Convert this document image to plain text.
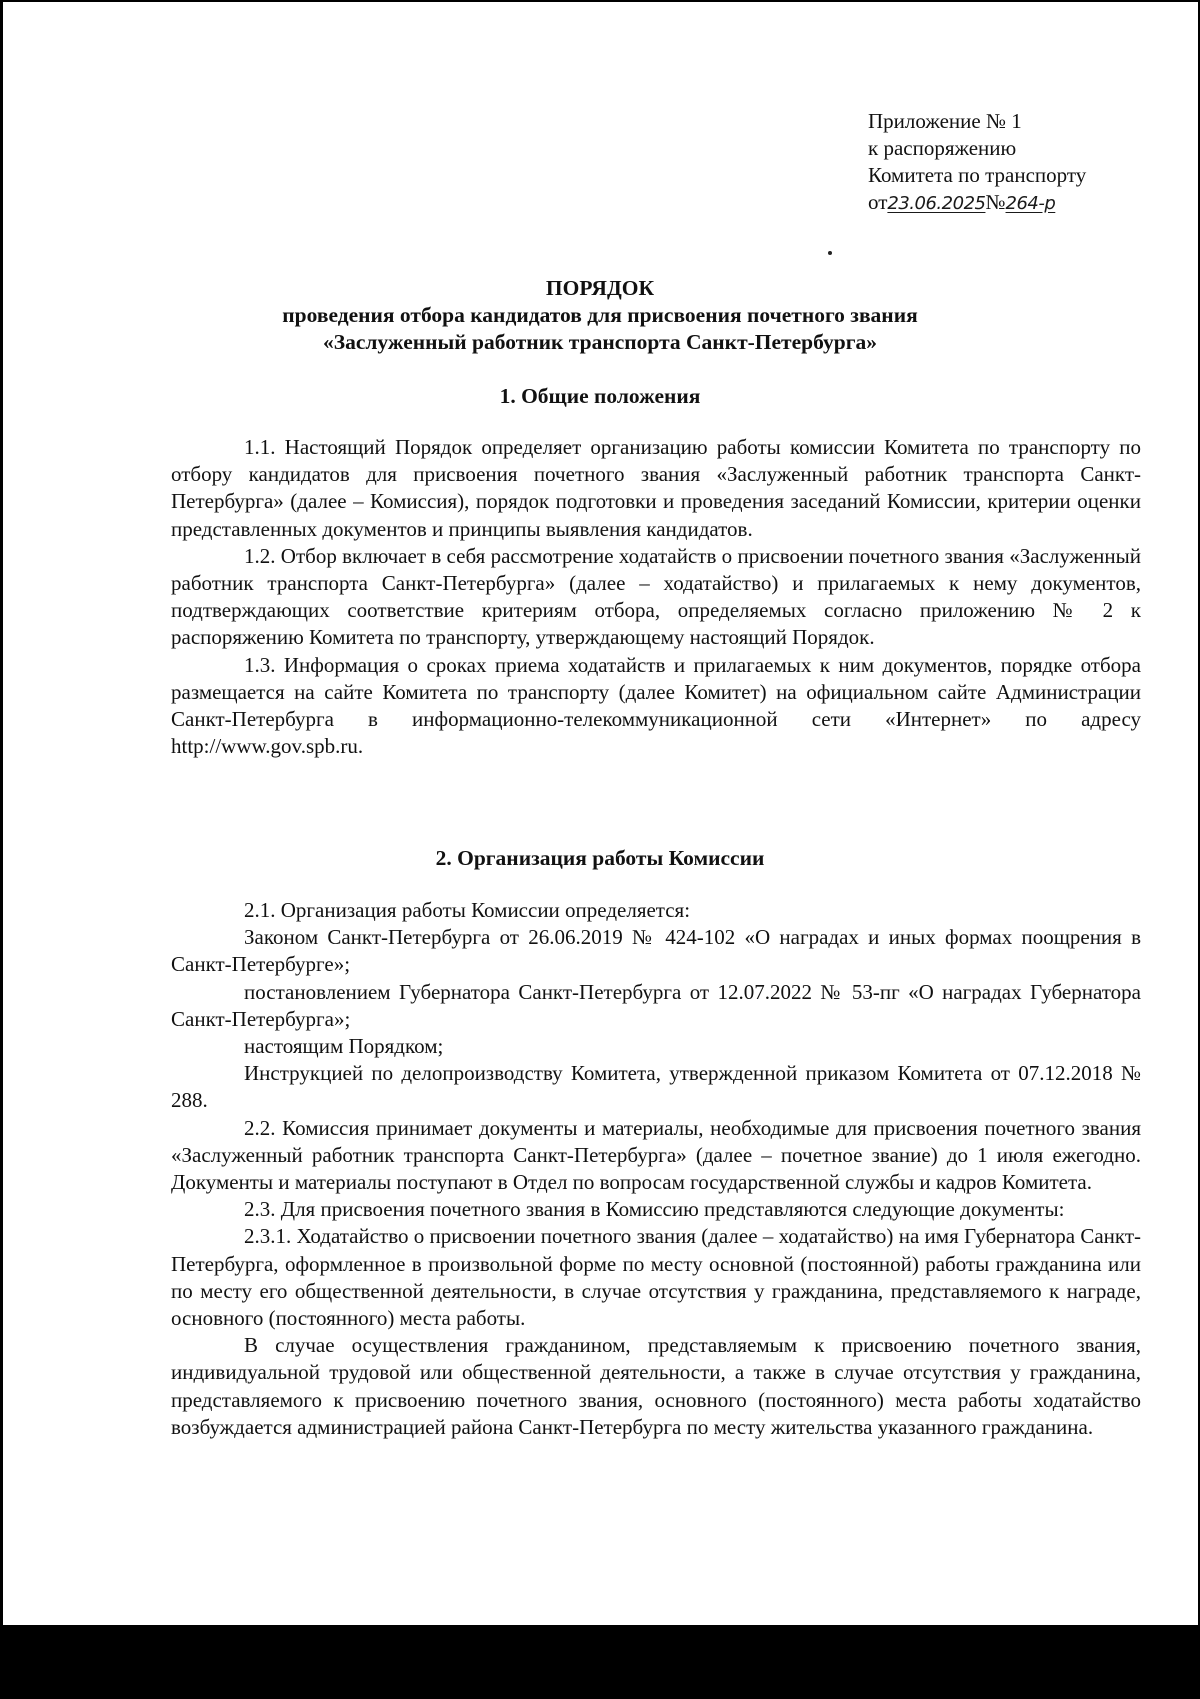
Приложение № 1
к распоряжению
Комитета по транспорту
от23.06.2025№264-р
ПОРЯДОК
проведения отбора кандидатов для присвоения почетного звания
«Заслуженный работник транспорта Санкт-Петербурга»
1. Общие положения

1.1. Настоящий Порядок определяет организацию работы комиссии Комитета по транспорту по отбору кандидатов для присвоения почетного звания «Заслуженный работник транспорта Санкт-Петербурга» (далее – Комиссия), порядок подготовки и проведения заседаний Комиссии, критерии оценки представленных документов и принципы выявления кандидатов.

1.2. Отбор включает в себя рассмотрение ходатайств о присвоении почетного звания «Заслуженный работник транспорта Санкт-Петербурга» (далее – ходатайство) и прилагаемых к нему документов, подтверждающих соответствие критериям отбора, определяемых согласно приложению № 2 к распоряжению Комитета по транспорту, утверждающему настоящий Порядок.

1.3. Информация о сроках приема ходатайств и прилагаемых к ним документов, порядке отбора размещается на сайте Комитета по транспорту (далее Комитет) на официальном сайте Администрации Санкт-Петербурга в информационно-телекоммуникационной сети «Интернет» по адресу http://www.gov.spb.ru.

2. Организация работы Комиссии

2.1. Организация работы Комиссии определяется:

Законом Санкт-Петербурга от 26.06.2019 № 424-102 «О наградах и иных формах поощрения в Санкт-Петербурге»;

постановлением Губернатора Санкт-Петербурга от 12.07.2022 № 53-пг «О наградах Губернатора Санкт-Петербурга»;

настоящим Порядком;

Инструкцией по делопроизводству Комитета, утвержденной приказом Комитета от 07.12.2018 № 288.

2.2. Комиссия принимает документы и материалы, необходимые для присвоения почетного звания «Заслуженный работник транспорта Санкт-Петербурга» (далее – почетное звание) до 1 июля ежегодно. Документы и материалы поступают в Отдел по вопросам государственной службы и кадров Комитета.

2.3. Для присвоения почетного звания в Комиссию представляются следующие документы:

2.3.1. Ходатайство о присвоении почетного звания (далее – ходатайство) на имя Губернатора Санкт-Петербурга, оформленное в произвольной форме по месту основной (постоянной) работы гражданина или по месту его общественной деятельности, в случае отсутствия у гражданина, представляемого к награде, основного (постоянного) места работы.

В случае осуществления гражданином, представляемым к присвоению почетного звания, индивидуальной трудовой или общественной деятельности, а также в случае отсутствия у гражданина, представляемого к присвоению почетного звания, основного (постоянного) места работы ходатайство возбуждается администрацией района Санкт-Петербурга по месту жительства указанного гражданина.
